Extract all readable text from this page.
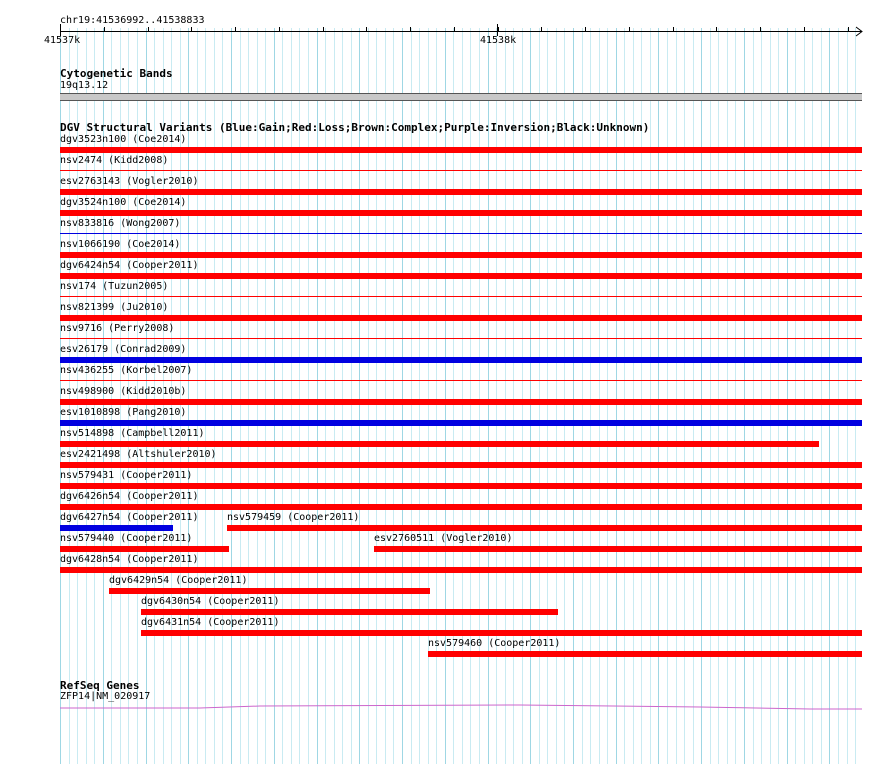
chr19:41536992..41538833
41537k	41538k
Cytogenetic Bands
19q13.12
DGV Structural Variants (Blue:Gain;Red:Loss;Brown:Complex;Purple:Inversion;Black:Unknown)
dgv3523n100 (Coe2014)
nsv2474 (Kidd2008)
esv2763143 (Vogler2010)
dgv3524n100 (Coe2014)
nsv833816 (Wong2007)
nsv1066190 (Coe2014)
dgv6424n54 (Cooper2011)
nsv174 (Tuzun2005)
nsv821399 (Ju2010)
nsv9716 (Perry2008)
esv26179 (Conrad2009)
nsv436255 (Korbel2007)
nsv498900 (Kidd2010b)
esv1010898 (Pang2010)
nsv514898 (Campbell2011)
esv2421498 (Altshuler2010)
nsv579431 (Cooper2011)
dgv6426n54 (Cooper2011)
dgv6427n54 (Cooper2011)	nsv579459 (Cooper2011)
nsv579440 (Cooper2011)	esv2760511 (Vogler2010)
dgv6428n54 (Cooper2011)
dgv6429n54 (Cooper2011)
dgv6430n54 (Cooper2011)
dgv6431n54 (Cooper2011)
nsv579460 (Cooper2011)
RefSeq Genes
ZFP14|NM_020917
